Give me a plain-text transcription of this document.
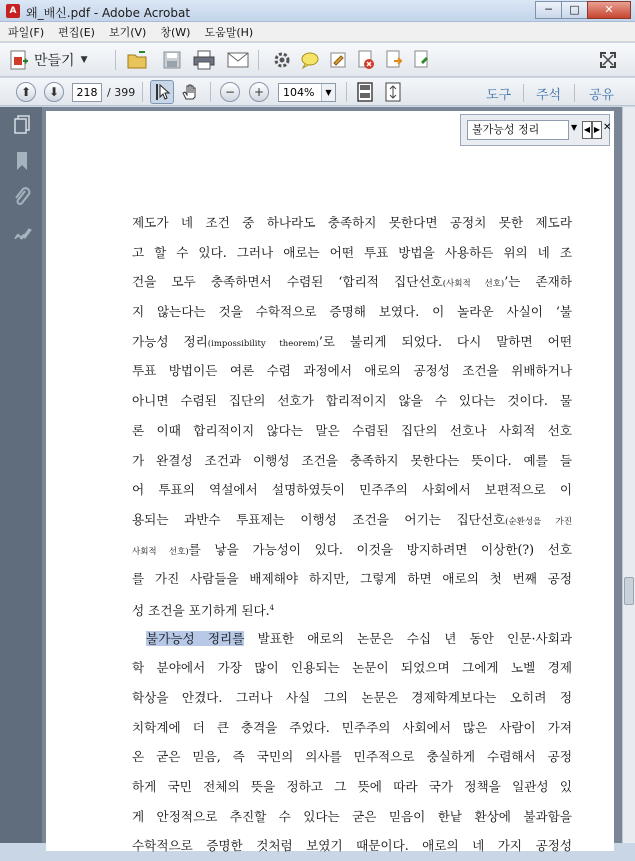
A 왜_배신.pdf - Adobe Acrobat	─	□	✕
파일(F) 편집(E) 보기(V) 창(W) 도움말(H)
만들기 ▼
⬆ ⬇	218 / 399	− + 104%	▼	도구 주석 공유
제도가 네 조건 중 하나라도 충족하지 못한다면 공정치 못한 제도라
고 할 수 있다. 그러나 애로는 어떤 투표 방법을 사용하든 위의 네 조
건을 모두 충족하면서 수렴된 ‘합리적 집단선호(사회적 선호)’는 존재하
지 않는다는 것을 수학적으로 증명해 보였다. 이 놀라운 사실이 ‘불
가능성 정리(impossibility theorem)’로 불리게 되었다. 다시 말하면 어떤
투표 방법이든 여론 수렴 과정에서 애로의 공정성 조건을 위배하거나
아니면 수렴된 집단의 선호가 합리적이지 않을 수 있다는 것이다. 물
론 이때 합리적이지 않다는 말은 수렴된 집단의 선호나 사회적 선호
가 완결성 조건과 이행성 조건을 충족하지 못한다는 뜻이다. 예를 들
어 투표의 역설에서 설명하였듯이 민주주의 사회에서 보편적으로 이
용되는 과반수 투표제는 이행성 조건을 어기는 집단선호(순환성을 가진
사회적 선호)를 낳을 가능성이 있다. 이것을 방지하려면 이상한(?) 선호
를 가진 사람들을 배제해야 하지만, 그렇게 하면 애로의 첫 번째 공정
성 조건을 포기하게 된다.$^4$
불가능성 정리를 발표한 애로의 논문은 수십 년 동안 인문·사회과
학 분야에서 가장 많이 인용되는 논문이 되었으며 그에게 노벨 경제
학상을 안겼다. 그러나 사실 그의 논문은 경제학계보다는 오히려 정
치학계에 더 큰 충격을 주었다. 민주주의 사회에서 많은 사람이 가져
온 굳은 믿음, 즉 국민의 의사를 민주적으로 충실하게 수렴해서 공정
하게 국민 전체의 뜻을 정하고 그 뜻에 따라 국가 정책을 일관성 있
게 안정적으로 추진할 수 있다는 굳은 믿음이 한낱 환상에 불과함을
수학적으로 증명한 것처럼 보였기 때문이다. 애로의 네 가지 공정성
불가능성 정리	▼ ◀ ▶ ✕
